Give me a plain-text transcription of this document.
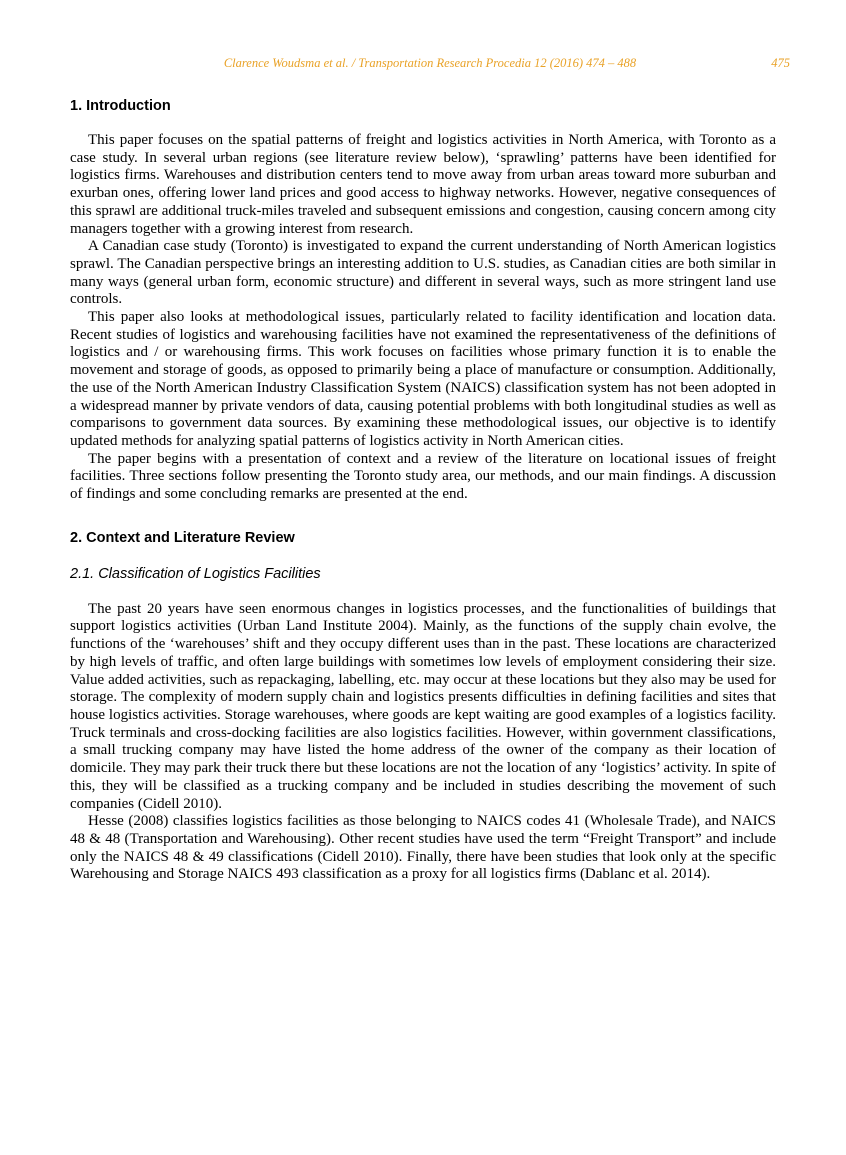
Clarence Woudsma et al. / Transportation Research Procedia 12 (2016) 474 – 488	475
1. Introduction

This paper focuses on the spatial patterns of freight and logistics activities in North America, with Toronto as a case study. In several urban regions (see literature review below), ‘sprawling’ patterns have been identified for logistics firms. Warehouses and distribution centers tend to move away from urban areas toward more suburban and exurban ones, offering lower land prices and good access to highway networks. However, negative consequences of this sprawl are additional truck-miles traveled and subsequent emissions and congestion, causing concern among city managers together with a growing interest from research.

A Canadian case study (Toronto) is investigated to expand the current understanding of North American logistics sprawl. The Canadian perspective brings an interesting addition to U.S. studies, as Canadian cities are both similar in many ways (general urban form, economic structure) and different in several ways, such as more stringent land use controls.

This paper also looks at methodological issues, particularly related to facility identification and location data. Recent studies of logistics and warehousing facilities have not examined the representativeness of the definitions of logistics and / or warehousing firms. This work focuses on facilities whose primary function it is to enable the movement and storage of goods, as opposed to primarily being a place of manufacture or consumption. Additionally, the use of the North American Industry Classification System (NAICS) classification system has not been adopted in a widespread manner by private vendors of data, causing potential problems with both longitudinal studies as well as comparisons to government data sources. By examining these methodological issues, our objective is to identify updated methods for analyzing spatial patterns of logistics activity in North American cities.

The paper begins with a presentation of context and a review of the literature on locational issues of freight facilities. Three sections follow presenting the Toronto study area, our methods, and our main findings. A discussion of findings and some concluding remarks are presented at the end.

2. Context and Literature Review
2.1. Classification of Logistics Facilities

The past 20 years have seen enormous changes in logistics processes, and the functionalities of buildings that support logistics activities (Urban Land Institute 2004). Mainly, as the functions of the supply chain evolve, the functions of the ‘warehouses’ shift and they occupy different uses than in the past. These locations are characterized by high levels of traffic, and often large buildings with sometimes low levels of employment considering their size. Value added activities, such as repackaging, labelling, etc. may occur at these locations but they also may be used for storage. The complexity of modern supply chain and logistics presents difficulties in defining facilities and sites that house logistics activities. Storage warehouses, where goods are kept waiting are good examples of a logistics facility. Truck terminals and cross-docking facilities are also logistics facilities. However, within government classifications, a small trucking company may have listed the home address of the owner of the company as their location of domicile. They may park their truck there but these locations are not the location of any ‘logistics’ activity. In spite of this, they will be classified as a trucking company and be included in studies describing the movement of such companies (Cidell 2010).

Hesse (2008) classifies logistics facilities as those belonging to NAICS codes 41 (Wholesale Trade), and NAICS 48 & 48 (Transportation and Warehousing). Other recent studies have used the term “Freight Transport” and include only the NAICS 48 & 49 classifications (Cidell 2010). Finally, there have been studies that look only at the specific Warehousing and Storage NAICS 493 classification as a proxy for all logistics firms (Dablanc et al. 2014).
